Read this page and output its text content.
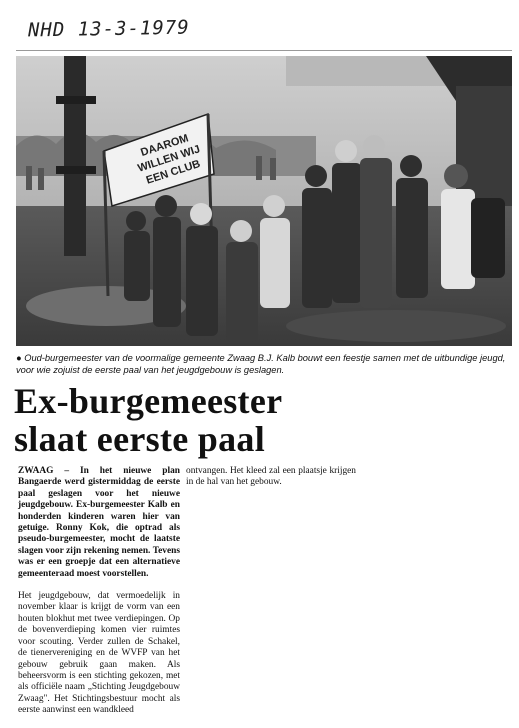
NHD 13-3-1979
DAAROM WILLEN WIJ EEN CLUB
● Oud-burgemeester van de voormalige gemeente Zwaag B.J. Kalb bouwt een feestje samen met de uitbundige jeugd, voor wie zojuist de eerste paal van het jeugdgebouw is geslagen.
Ex-burgemeester
slaat eerste paal

ZWAAG – In het nieuwe plan Bangaerde werd gistermiddag de eerste paal geslagen voor het nieuwe jeugdgebouw. Ex-burgemeester Kalb en honderden kinderen waren hier van getuige. Ronny Kok, die optrad als pseudo-burgemeester, mocht de laatste slagen voor zijn rekening nemen. Tevens was er een groepje dat een alternatieve gemeenteraad moest voorstellen.

Het jeugdgebouw, dat vermoedelijk in november klaar is krijgt de vorm van een houten blokhut met twee verdiepingen. Op de bovenverdieping komen vier ruimtes voor scouting. Verder zullen de Schakel, de tienervereniging en de WVFP van het gebouw gebruik gaan maken. Als beheersvorm is een stichting gekozen, met als officiële naam „Stichting Jeugdgebouw Zwaag". Het Stichtingsbestuur mocht als eerste aanwinst een wandkleed

ontvangen. Het kleed zal een plaatsje krijgen in de hal van het gebouw.
